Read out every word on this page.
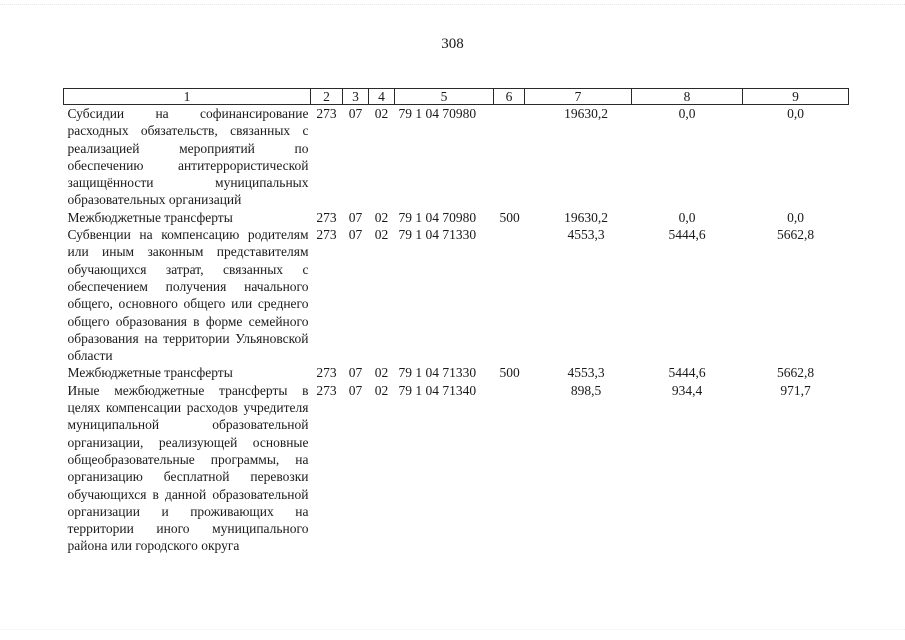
308
1	2	3	4	5	6	7	8	9
Субсидии на софинансирование расходных обязательств, связанных с реализацией мероприятий по обеспечению антитеррористической защищённости муниципальных образовательных организаций	273	07	02	79 1 04 70980		19630,2	0,0	0,0
Межбюджетные трансферты	273	07	02	79 1 04 70980	500	19630,2	0,0	0,0
Субвенции на компенсацию родителям или иным законным представителям обучающихся затрат, связанных с обеспечением получения начального общего, основного общего или среднего общего образования в форме семейного образования на территории Ульяновской области	273	07	02	79 1 04 71330		4553,3	5444,6	5662,8
Межбюджетные трансферты	273	07	02	79 1 04 71330	500	4553,3	5444,6	5662,8
Иные межбюджетные трансферты в целях компенсации расходов учредителя муниципальной образовательной организации, реализующей основные общеобразовательные программы, на организацию бесплатной перевозки обучающихся в данной образовательной организации и проживающих на территории иного муниципального района или городского округа	273	07	02	79 1 04 71340		898,5	934,4	971,7
